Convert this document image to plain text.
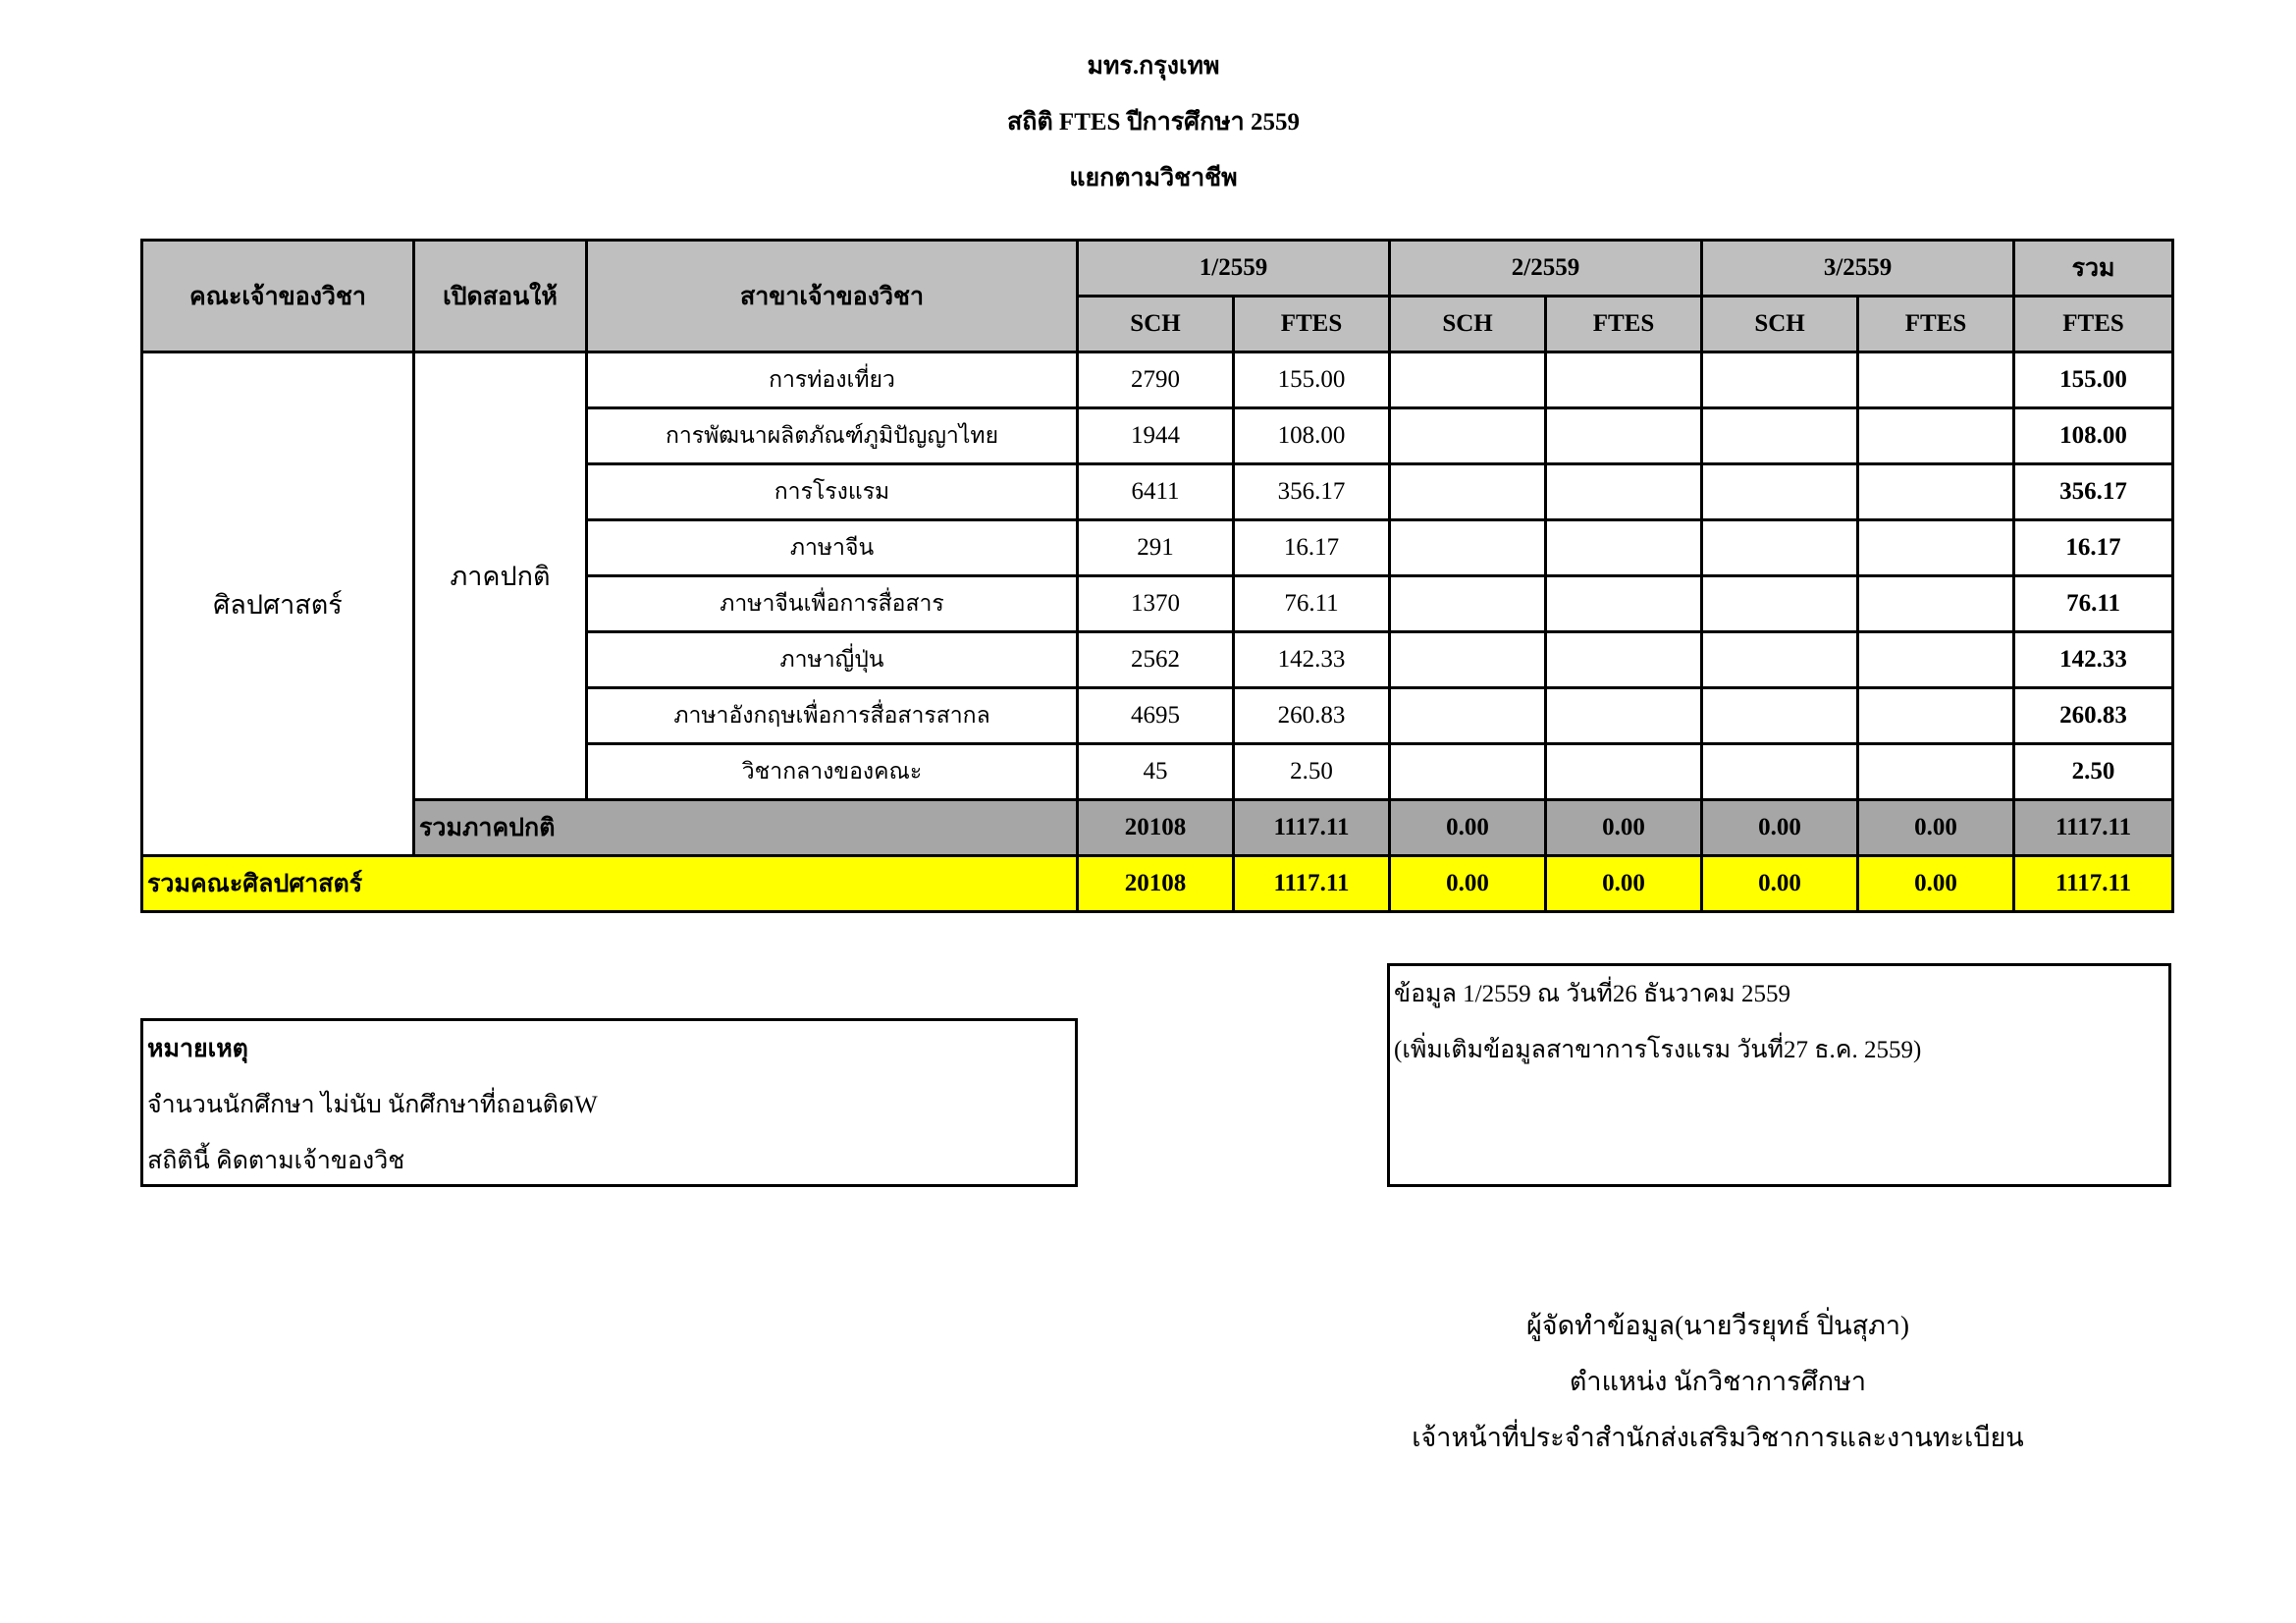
มทร.กรุงเทพ
สถิติ FTES ปีการศึกษา 2559
แยกตามวิชาชีพ
คณะเจ้าของวิชา	เปิดสอนให้	สาขาเจ้าของวิชา	1/2559		2/2559		3/2559		รวม
			SCH	FTES	SCH	FTES	SCH	FTES	FTES
ศิลปศาสตร์	ภาคปกติ	การท่องเที่ยว	2790	155.00					155.00
		การพัฒนาผลิตภัณฑ์ภูมิปัญญาไทย	1944	108.00					108.00
		การโรงแรม	6411	356.17					356.17
		ภาษาจีน	291	16.17					16.17
		ภาษาจีนเพื่อการสื่อสาร	1370	76.11					76.11
		ภาษาญี่ปุ่น	2562	142.33					142.33
		ภาษาอังกฤษเพื่อการสื่อสารสากล	4695	260.83					260.83
		วิชากลางของคณะ	45	2.50					2.50
	รวมภาคปกติ		20108	1117.11	0.00	0.00	0.00	0.00	1117.11
รวมคณะศิลปศาสตร์			20108	1117.11	0.00	0.00	0.00	0.00	1117.11
หมายเหตุ
จำนวนนักศึกษา ไม่นับ นักศึกษาที่ถอนติดW
สถิตินี้ คิดตามเจ้าของวิช
ข้อมูล 1/2559 ณ วันที่26 ธันวาคม 2559
(เพิ่มเติมข้อมูลสาขาการโรงแรม วันที่27 ธ.ค. 2559)
ผู้จัดทำข้อมูล(นายวีรยุทธ์ ปิ่นสุภา)
ตำแหน่ง นักวิชาการศึกษา
เจ้าหน้าที่ประจำสำนักส่งเสริมวิชาการและงานทะเบียน
